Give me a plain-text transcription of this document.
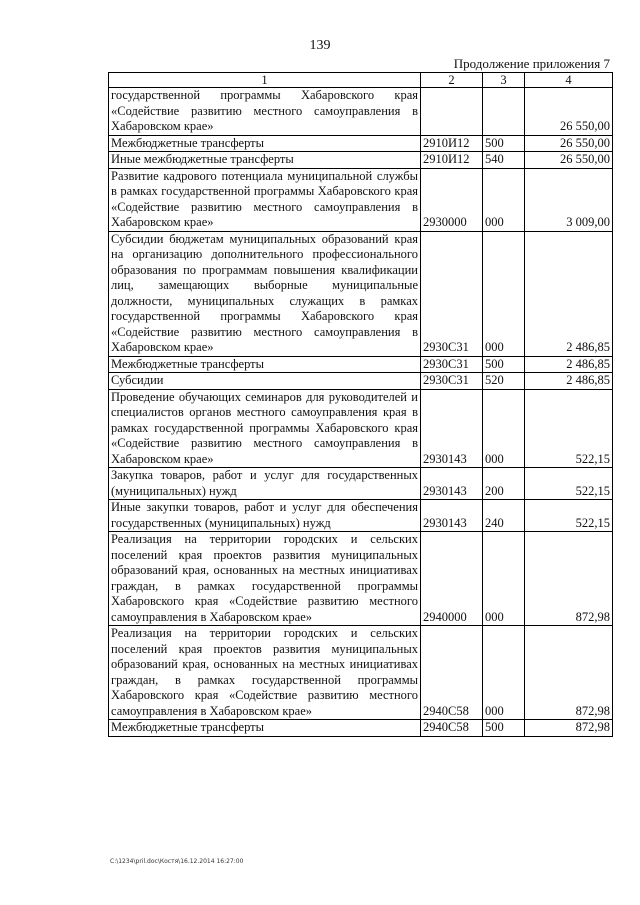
139
Продолжение приложения 7
1	2	3	4
государственной программы Хабаровского края «Содействие развитию местного самоуправления в Хабаровском крае»			26 550,00
Межбюджетные трансферты	2910И12	500	26 550,00
Иные межбюджетные трансферты	2910И12	540	26 550,00
Развитие кадрового потенциала муниципальной службы в рамках государственной программы Хабаровского края «Содействие развитию местного самоуправления в Хабаровском крае»	2930000	000	3 009,00
Субсидии бюджетам муниципальных образований края на организацию дополнительного профессионального образования по программам повышения квалификации лиц, замещающих выборные муниципальные должности, муниципальных служащих в рамках государственной программы Хабаровского края «Содействие развитию местного самоуправления в Хабаровском крае»	2930С31	000	2 486,85
Межбюджетные трансферты	2930С31	500	2 486,85
Субсидии	2930С31	520	2 486,85
Проведение обучающих семинаров для руководителей и специалистов органов местного самоуправления края в рамках государственной программы Хабаровского края «Содействие развитию местного самоуправления в Хабаровском крае»	2930143	000	522,15
Закупка товаров, работ и услуг для государственных (муниципальных) нужд	2930143	200	522,15
Иные закупки товаров, работ и услуг для обеспечения государственных (муниципальных) нужд	2930143	240	522,15
Реализация на территории городских и сельских поселений края проектов развития муниципальных образований края, основанных на местных инициативах граждан, в рамках государственной программы Хабаровского края «Содействие развитию местного самоуправления в Хабаровском крае»	2940000	000	872,98
Реализация на территории городских и сельских поселений края проектов развития муниципальных образований края, основанных на местных инициативах граждан, в рамках государственной программы Хабаровского края «Содействие развитию местного самоуправления в Хабаровском крае»	2940С58	000	872,98
Межбюджетные трансферты	2940С58	500	872,98
C:\1234\pril.doc\Костя\16.12.2014 16:27:00
